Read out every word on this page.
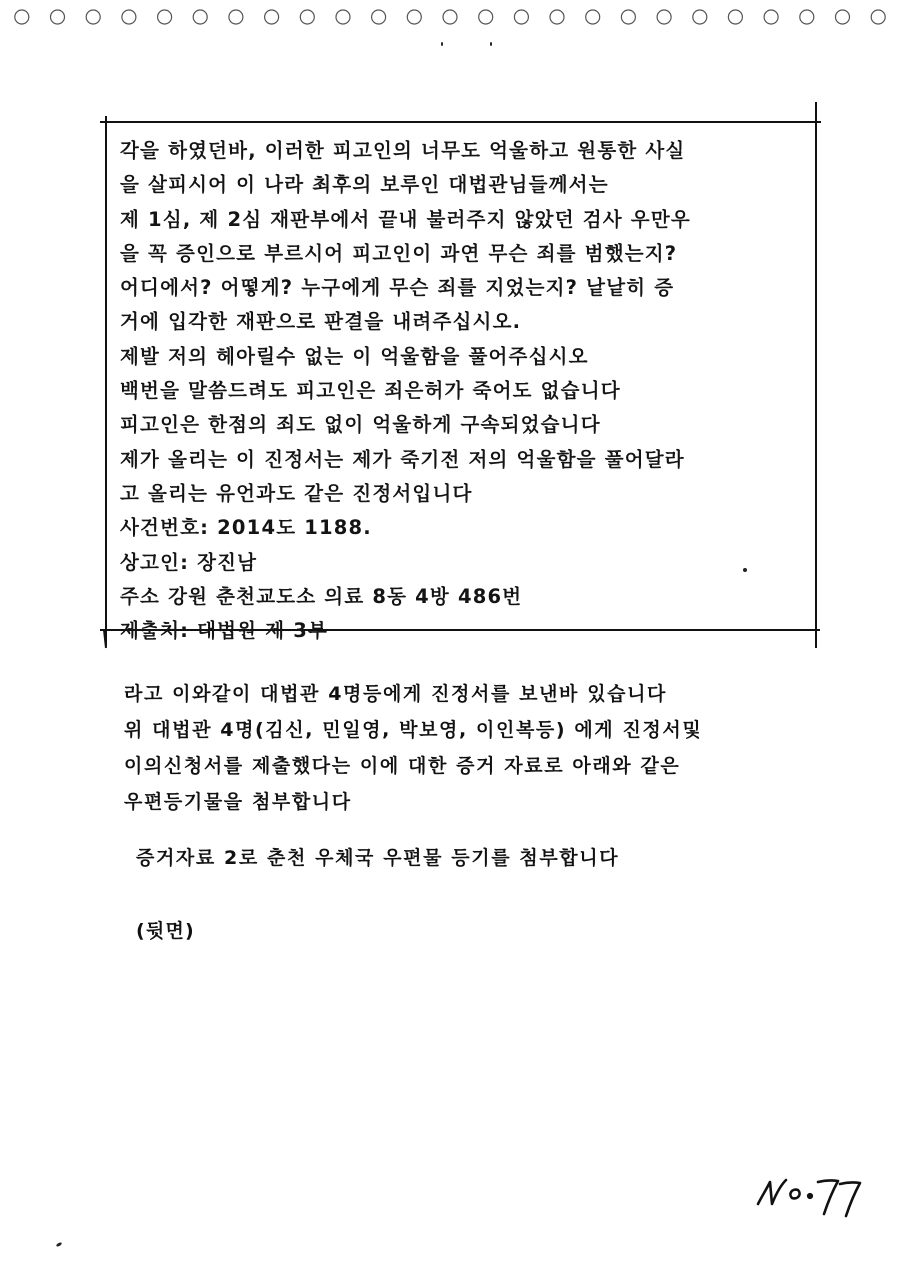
각을 하였던바, 이러한 피고인의 너무도 억울하고 원통한 사실
을 살피시어 이 나라 최후의 보루인 대법관님들께서는
제 1심, 제 2심 재판부에서 끝내 불러주지 않았던 검사 우만우
을 꼭 증인으로 부르시어 피고인이 과연 무슨 죄를 범했는지?
어디에서? 어떻게? 누구에게 무슨 죄를 지었는지? 낱낱히 증
거에 입각한 재판으로 판결을 내려주십시오.
제발 저의 헤아릴수 없는 이 억울함을 풀어주십시오
백번을 말씀드려도 피고인은 죄은허가 죽어도 없습니다
피고인은 한점의 죄도 없이 억울하게 구속되었습니다
제가 올리는 이 진정서는 제가 죽기전 저의 억울함을 풀어달라
고 올리는 유언과도 같은 진정서입니다
사건번호: 2014도 1188.
상고인: 장진남
주소 강원 춘천교도소 의료 8동 4방 486번
제출처: 대법원 제 3부
라고 이와같이 대법관 4명등에게 진정서를 보낸바 있습니다
위 대법관 4명(김신, 민일영, 박보영, 이인복등) 에게 진정서및
이의신청서를 제출했다는 이에 대한 증거 자료로 아래와 같은
우편등기물을 첨부합니다
증거자료 2로 춘천 우체국 우편물 등기를 첨부합니다
(뒷면)
